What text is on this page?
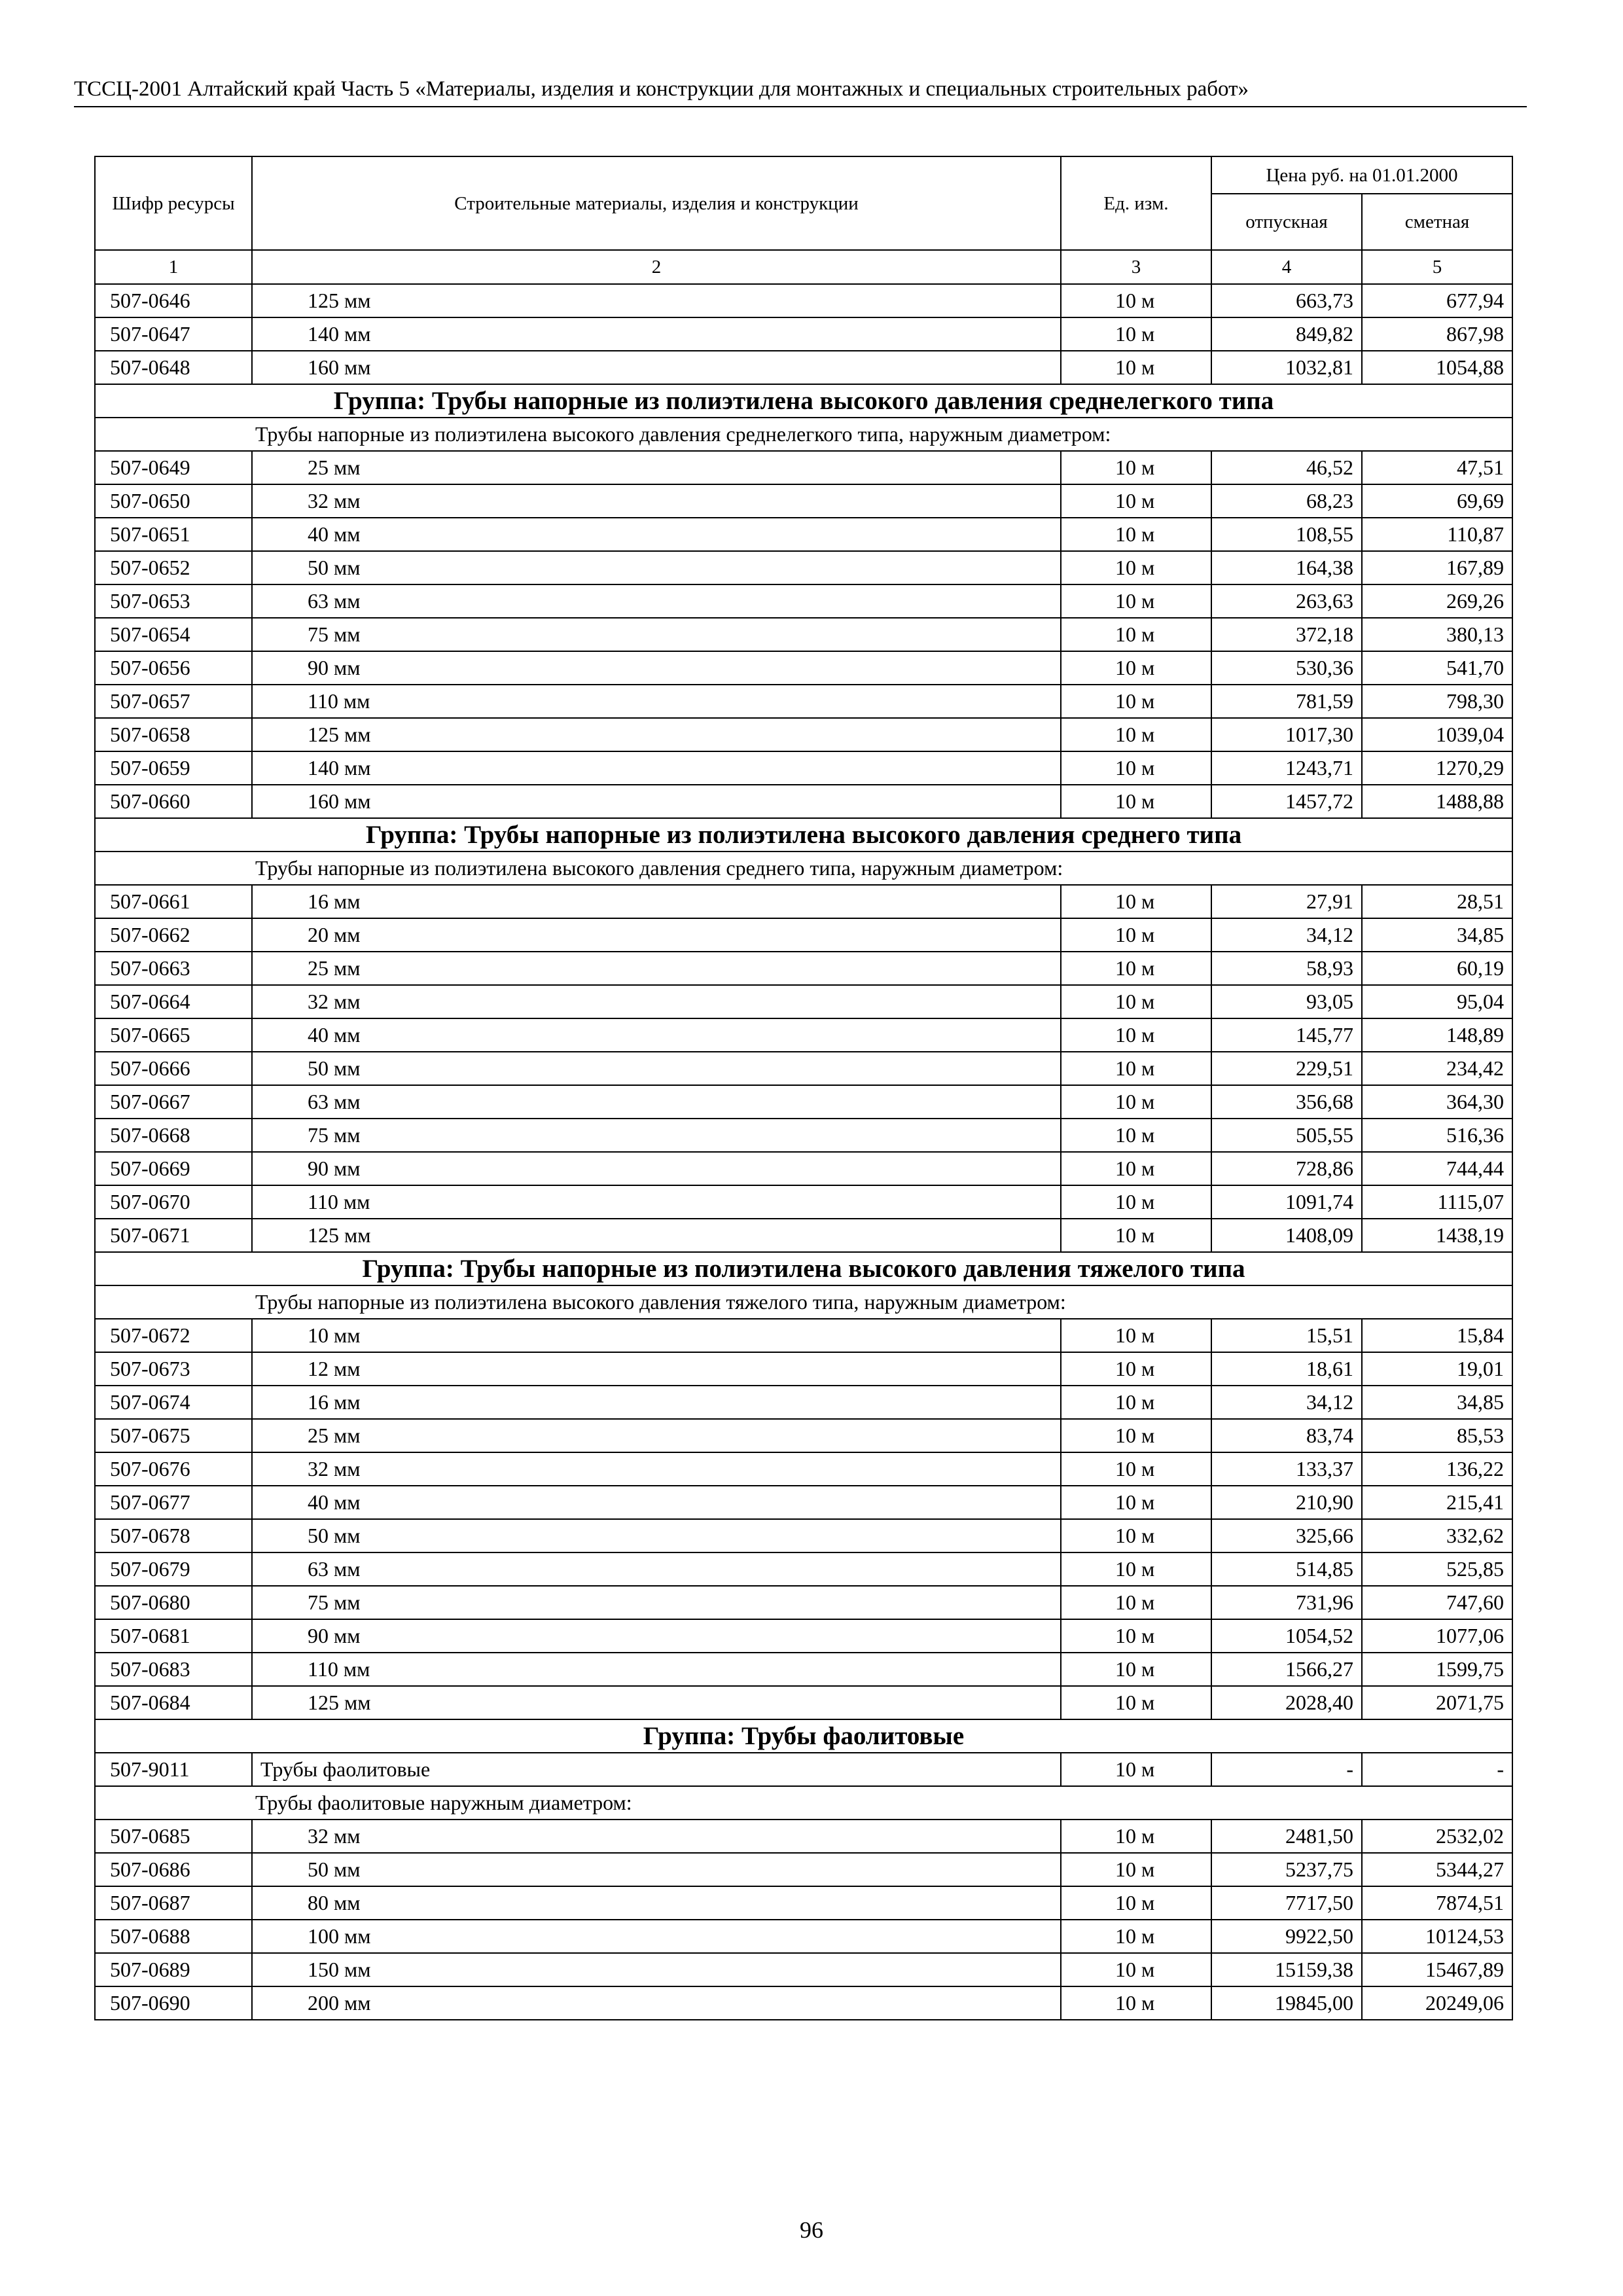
ТССЦ-2001 Алтайский край Часть 5 «Материалы, изделия и конструкции для монтажных и специальных строительных работ»
Шифр ресурсы	Строительные материалы, изделия и конструкции	Ед. изм.	Цена руб. на 01.01.2000	
			отпускная	сметная
1	2	3	4	5
507-0646	125 мм	10 м	663,73	677,94
507-0647	140 мм	10 м	849,82	867,98
507-0648	160 мм	10 м	1032,81	1054,88
Группа: Трубы напорные из полиэтилена высокого давления среднелегкого типа				
Трубы напорные из полиэтилена высокого давления среднелегкого типа, наружным диаметром:				
507-0649	25 мм	10 м	46,52	47,51
507-0650	32 мм	10 м	68,23	69,69
507-0651	40 мм	10 м	108,55	110,87
507-0652	50 мм	10 м	164,38	167,89
507-0653	63 мм	10 м	263,63	269,26
507-0654	75 мм	10 м	372,18	380,13
507-0656	90 мм	10 м	530,36	541,70
507-0657	110 мм	10 м	781,59	798,30
507-0658	125 мм	10 м	1017,30	1039,04
507-0659	140 мм	10 м	1243,71	1270,29
507-0660	160 мм	10 м	1457,72	1488,88
Группа: Трубы напорные из полиэтилена высокого давления среднего типа				
Трубы напорные из полиэтилена высокого давления среднего типа, наружным диаметром:				
507-0661	16 мм	10 м	27,91	28,51
507-0662	20 мм	10 м	34,12	34,85
507-0663	25 мм	10 м	58,93	60,19
507-0664	32 мм	10 м	93,05	95,04
507-0665	40 мм	10 м	145,77	148,89
507-0666	50 мм	10 м	229,51	234,42
507-0667	63 мм	10 м	356,68	364,30
507-0668	75 мм	10 м	505,55	516,36
507-0669	90 мм	10 м	728,86	744,44
507-0670	110 мм	10 м	1091,74	1115,07
507-0671	125 мм	10 м	1408,09	1438,19
Группа: Трубы напорные из полиэтилена высокого давления тяжелого типа				
Трубы напорные из полиэтилена высокого давления тяжелого типа, наружным диаметром:				
507-0672	10 мм	10 м	15,51	15,84
507-0673	12 мм	10 м	18,61	19,01
507-0674	16 мм	10 м	34,12	34,85
507-0675	25 мм	10 м	83,74	85,53
507-0676	32 мм	10 м	133,37	136,22
507-0677	40 мм	10 м	210,90	215,41
507-0678	50 мм	10 м	325,66	332,62
507-0679	63 мм	10 м	514,85	525,85
507-0680	75 мм	10 м	731,96	747,60
507-0681	90 мм	10 м	1054,52	1077,06
507-0683	110 мм	10 м	1566,27	1599,75
507-0684	125 мм	10 м	2028,40	2071,75
Группа: Трубы фаолитовые				
507-9011	Трубы фаолитовые	10 м	-	-
Трубы фаолитовые наружным диаметром:				
507-0685	32 мм	10 м	2481,50	2532,02
507-0686	50 мм	10 м	5237,75	5344,27
507-0687	80 мм	10 м	7717,50	7874,51
507-0688	100 мм	10 м	9922,50	10124,53
507-0689	150 мм	10 м	15159,38	15467,89
507-0690	200 мм	10 м	19845,00	20249,06
96
